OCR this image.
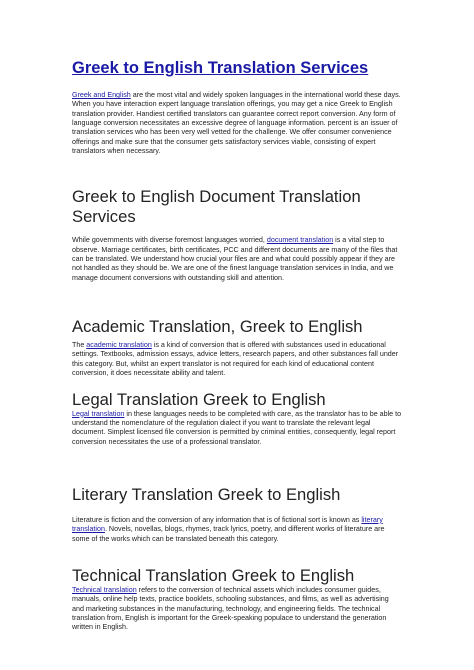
Greek to English Translation Services

Greek and English are the most vital and widely spoken languages in the international world these days. When you have interaction expert language translation offerings, you may get a nice Greek to English translation provider. Handiest certified translators can guarantee correct report conversion. Any form of language conversion necessitates an excessive degree of language information. percent is an issuer of translation services who has been very well vetted for the challenge. We offer consumer convenience offerings and make sure that the consumer gets satisfactory services viable, consisting of expert translators when necessary.

Greek to English Document Translation Services

While governments with diverse foremost languages worried, document translation is a vital step to observe. Marriage certificates, birth certificates, PCC and different documents are many of the files that can be translated. We understand how crucial your files are and what could possibly appear if they are not handled as they should be. We are one of the finest language translation services in India, and we manage document conversions with outstanding skill and attention.

Academic Translation, Greek to English

The academic translation is a kind of conversion that is offered with substances used in educational settings. Textbooks, admission essays, advice letters, research papers, and other substances fall under this category. But, whilst an expert translator is not required for each kind of educational content conversion, it does necessitate ability and talent.

Legal Translation Greek to English

Legal translation in these languages needs to be completed with care, as the translator has to be able to understand the nomenclature of the regulation dialect if you want to translate the relevant legal document. Simplest licensed file conversion is permitted by criminal entities, consequently, legal report conversion necessitates the use of a professional translator.

Literary Translation Greek to English

Literature is fiction and the conversion of any information that is of fictional sort is known as literary translation. Novels, novellas, blogs, rhymes, track lyrics, poetry, and different works of literature are some of the works which can be translated beneath this category.

Technical Translation Greek to English

Technical translation refers to the conversion of technical assets which includes consumer guides, manuals, online help texts, practice booklets, schooling substances, and films, as well as advertising and marketing substances in the manufacturing, technology, and engineering fields. The technical translation from, English is important for the Greek-speaking populace to understand the generation written in English.
